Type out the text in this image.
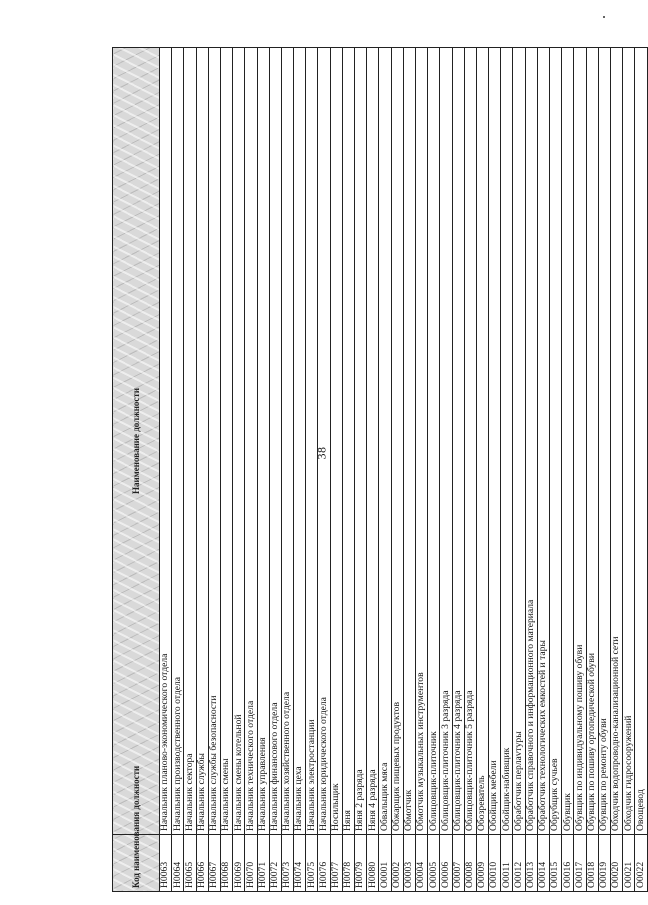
38
	Наименование должности
Н0063	Начальник планово-экономического отдела
Н0064	Начальник производственного отдела
Н0065	Начальник сектора
Н0066	Начальник службы
Н0067	Начальник службы безопасности
Н0068	Начальник смены
Н0069	Начальник смены котельной
Н0070	Начальник технического отдела
Н0071	Начальник управления
Н0072	Начальник финансового отдела
Н0073	Начальник хозяйственного отдела
Н0074	Начальник цеха
Н0075	Начальник электростанции
Н0076	Начальник юридического отдела
Н0077	Носильщик
Н0078	Няня
Н0079	Няня 2 разряда
Н0080	Няня 4 разряда
О0001	Обвальщик мяса
О0002	Обжарщик пищевых продуктов
О0003	Обмотчик
О0004	Обмотчик музыкальных инструментов
О0005	Облицовщик-плиточник
О0006	Облицовщик-плиточник 3 разряда
О0007	Облицовщик-плиточник 4 разряда
О0008	Облицовщик-плиточник 5 разряда
О0009	Обозреватель
О0010	Обойщик мебели
О0011	Обойщик-набивщик
О0012	Обработчик перлаvтуры
О0013	Обработчик справочного и информационного материала
О0014	Обработчик технологических емкостей и тары
О0015	Обрубщик сучьев
О0016	Обувщик
О0017	Обувщик по индивидуальному пошиву обуви
О0018	Обувщик по пошиву ортопедической обуви
О0019	Обувщик по ремонту обуви
О0020	Обходчик водопроводно-канализационной сети
О0021	Обходчик гидросооружений
О0022	Овощевод
